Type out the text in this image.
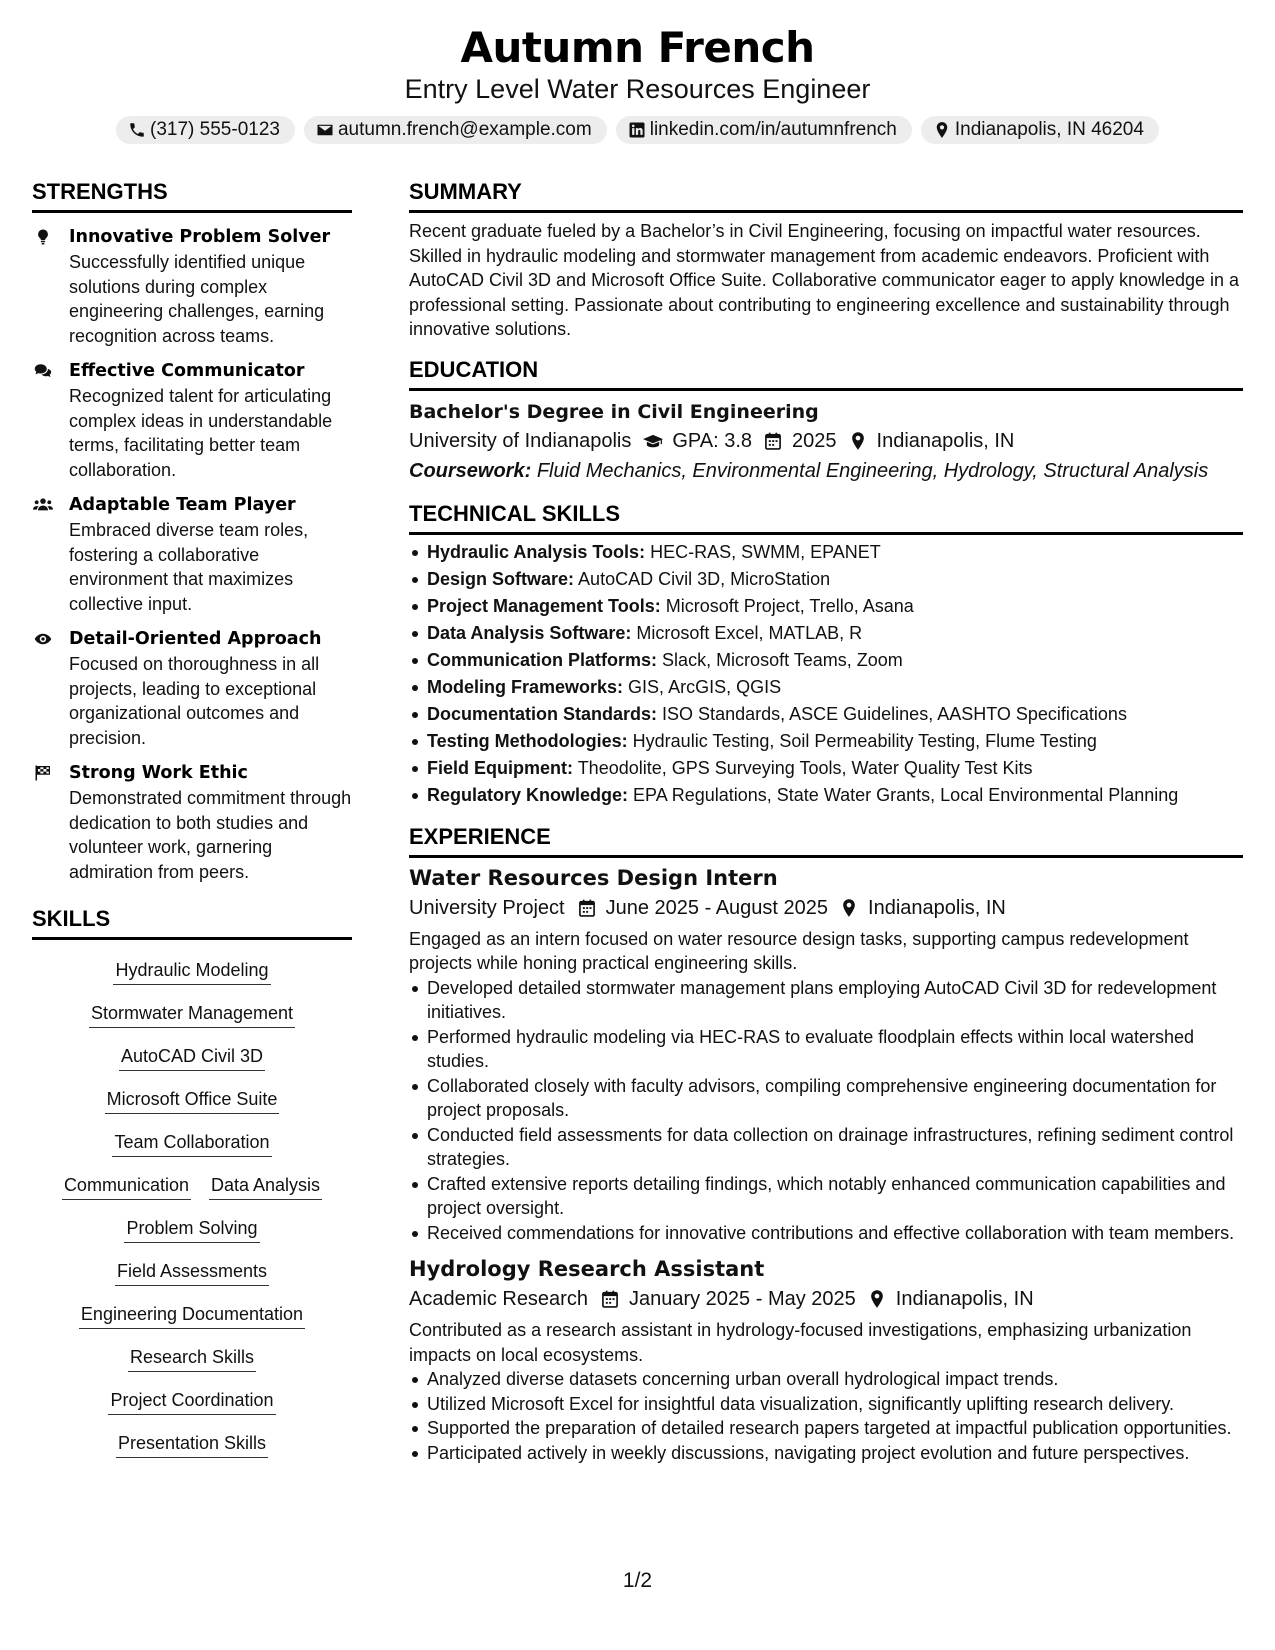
Autumn French
Entry Level Water Resources Engineer
(317) 555-0123	autumn.french@example.com	linkedin.com/in/autumnfrench	Indianapolis, IN 46204
STRENGTHS
Innovative Problem Solver
Successfully identified unique solutions during complex engineering challenges, earning recognition across teams.
Effective Communicator
Recognized talent for articulating complex ideas in understandable terms, facilitating better team collaboration.
Adaptable Team Player
Embraced diverse team roles, fostering a collaborative environment that maximizes collective input.
Detail-Oriented Approach
Focused on thoroughness in all projects, leading to exceptional organizational outcomes and precision.
Strong Work Ethic
Demonstrated commitment through dedication to both studies and volunteer work, garnering admiration from peers.
SKILLS
Hydraulic Modeling
Stormwater Management
AutoCAD Civil 3D
Microsoft Office Suite
Team Collaboration
Communication Data Analysis
Problem Solving
Field Assessments
Engineering Documentation
Research Skills
Project Coordination
Presentation Skills
SUMMARY
Recent graduate fueled by a Bachelor’s in Civil Engineering, focusing on impactful water resources. Skilled in hydraulic modeling and stormwater management from academic endeavors. Proficient with AutoCAD Civil 3D and Microsoft Office Suite. Collaborative communicator eager to apply knowledge in a professional setting. Passionate about contributing to engineering excellence and sustainability through innovative solutions.
EDUCATION
Bachelor's Degree in Civil Engineering
University of Indianapolis GPA: 3.8 2025 Indianapolis, IN
Coursework: Fluid Mechanics, Environmental Engineering, Hydrology, Structural Analysis
TECHNICAL SKILLS
Hydraulic Analysis Tools: HEC-RAS, SWMM, EPANET
Design Software: AutoCAD Civil 3D, MicroStation
Project Management Tools: Microsoft Project, Trello, Asana
Data Analysis Software: Microsoft Excel, MATLAB, R
Communication Platforms: Slack, Microsoft Teams, Zoom
Modeling Frameworks: GIS, ArcGIS, QGIS
Documentation Standards: ISO Standards, ASCE Guidelines, AASHTO Specifications
Testing Methodologies: Hydraulic Testing, Soil Permeability Testing, Flume Testing
Field Equipment: Theodolite, GPS Surveying Tools, Water Quality Test Kits
Regulatory Knowledge: EPA Regulations, State Water Grants, Local Environmental Planning
EXPERIENCE
Water Resources Design Intern
University Project June 2025 - August 2025 Indianapolis, IN
Engaged as an intern focused on water resource design tasks, supporting campus redevelopment projects while honing practical engineering skills.
Developed detailed stormwater management plans employing AutoCAD Civil 3D for redevelopment initiatives.
Performed hydraulic modeling via HEC-RAS to evaluate floodplain effects within local watershed studies.
Collaborated closely with faculty advisors, compiling comprehensive engineering documentation for project proposals.
Conducted field assessments for data collection on drainage infrastructures, refining sediment control strategies.
Crafted extensive reports detailing findings, which notably enhanced communication capabilities and project oversight.
Received commendations for innovative contributions and effective collaboration with team members.
Hydrology Research Assistant
Academic Research January 2025 - May 2025 Indianapolis, IN
Contributed as a research assistant in hydrology-focused investigations, emphasizing urbanization impacts on local ecosystems.
Analyzed diverse datasets concerning urban overall hydrological impact trends.
Utilized Microsoft Excel for insightful data visualization, significantly uplifting research delivery.
Supported the preparation of detailed research papers targeted at impactful publication opportunities.
Participated actively in weekly discussions, navigating project evolution and future perspectives.
1/2
